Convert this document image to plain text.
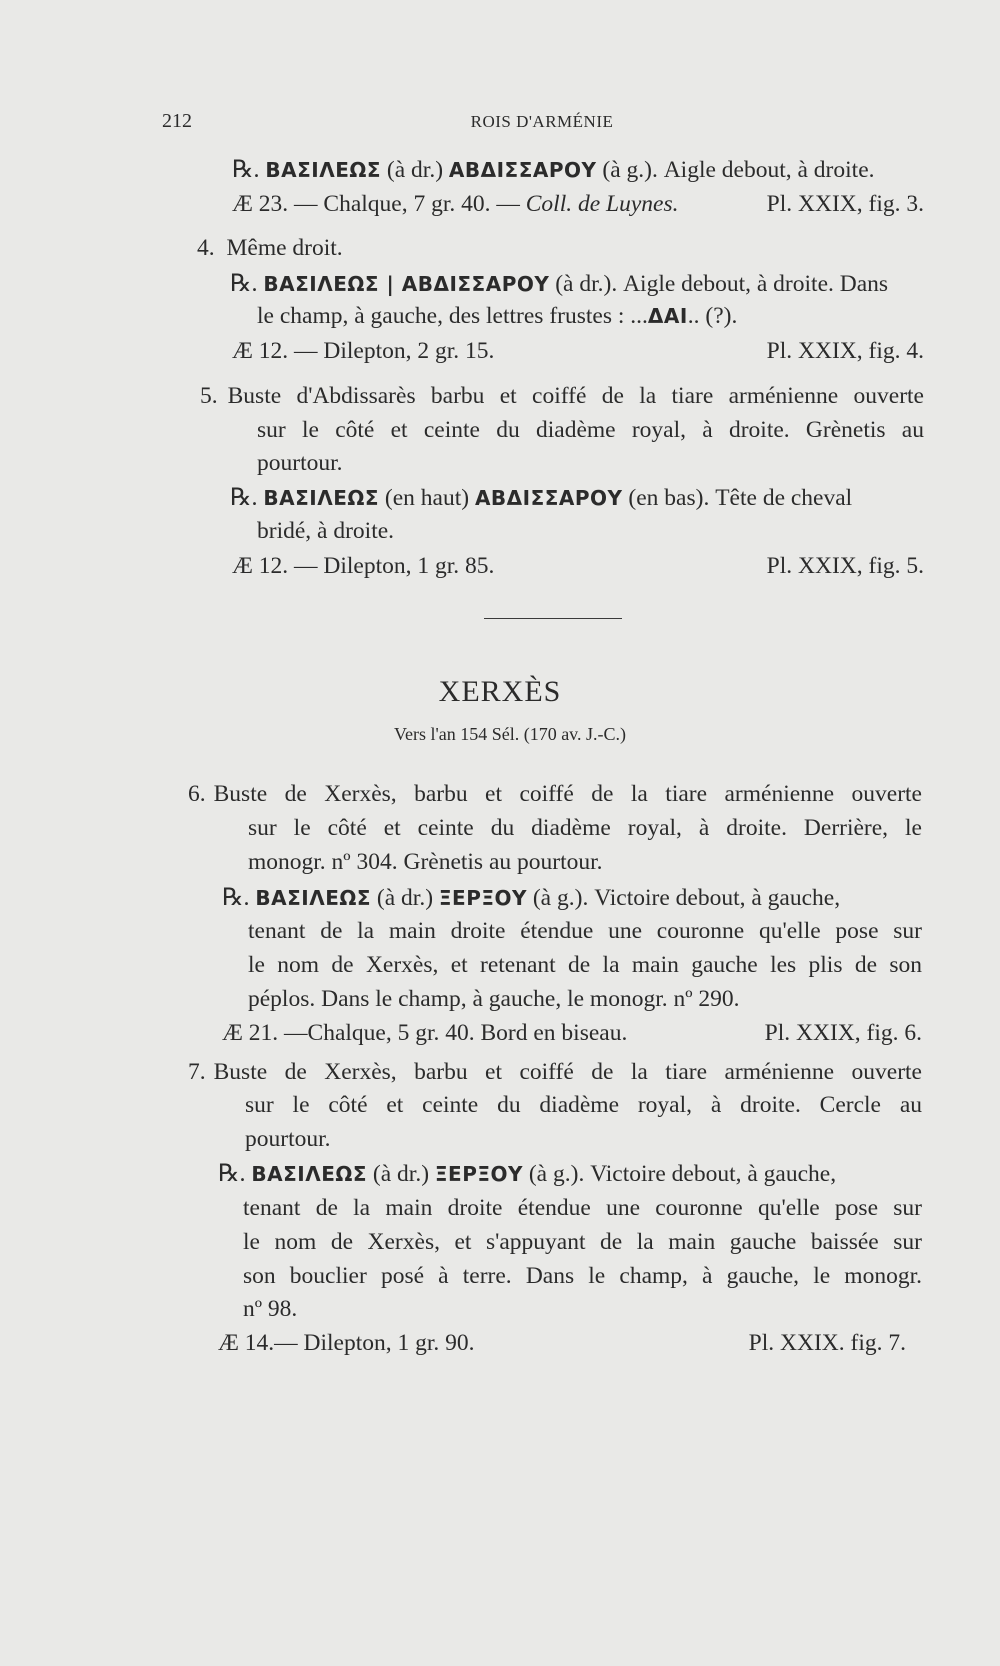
212	ROIS D'ARMÉNIE
℞. ΒΑΣΙΛΕΩΣ (à dr.) ΑΒΔΙΣΣΑΡΟΥ (à g.). Aigle debout, à droite.
Æ 23. — Chalque, 7 gr. 40. — Coll. de Luynes.	Pl. XXIX, fig. 3.
4. Même droit.
℞. ΒΑΣΙΛΕΩΣ | ΑΒΔΙΣΣΑΡΟΥ (à dr.). Aigle debout, à droite. Dans
le champ, à gauche, des lettres frustes : ...ΔΑΙ.. (?).
Æ 12. — Dilepton, 2 gr. 15.	Pl. XXIX, fig. 4.
5. Buste d'Abdissarès barbu et coiffé de la tiare arménienne ouverte
sur le côté et ceinte du diadème royal, à droite. Grènetis au
pourtour.
℞. ΒΑΣΙΛΕΩΣ (en haut) ΑΒΔΙΣΣΑΡΟΥ (en bas). Tête de cheval
bridé, à droite.
Æ 12. — Dilepton, 1 gr. 85.	Pl. XXIX, fig. 5.
XERXÈS
Vers l'an 154 Sél. (170 av. J.-C.)
6. Buste de Xerxès, barbu et coiffé de la tiare arménienne ouverte
sur le côté et ceinte du diadème royal, à droite. Derrière, le
monogr. nº 304. Grènetis au pourtour.
℞. ΒΑΣΙΛΕΩΣ (à dr.) ΞΕΡΞΟΥ (à g.). Victoire debout, à gauche,
tenant de la main droite étendue une couronne qu'elle pose sur
le nom de Xerxès, et retenant de la main gauche les plis de son
péplos. Dans le champ, à gauche, le monogr. nº 290.
Æ 21. —Chalque, 5 gr. 40. Bord en biseau.	Pl. XXIX, fig. 6.
7. Buste de Xerxès, barbu et coiffé de la tiare arménienne ouverte
sur le côté et ceinte du diadème royal, à droite. Cercle au
pourtour.
℞. ΒΑΣΙΛΕΩΣ (à dr.) ΞΕΡΞΟΥ (à g.). Victoire debout, à gauche,
tenant de la main droite étendue une couronne qu'elle pose sur
le nom de Xerxès, et s'appuyant de la main gauche baissée sur
son bouclier posé à terre. Dans le champ, à gauche, le monogr.
nº 98.
Æ 14.— Dilepton, 1 gr. 90.	Pl. XXIX. fig. 7.
